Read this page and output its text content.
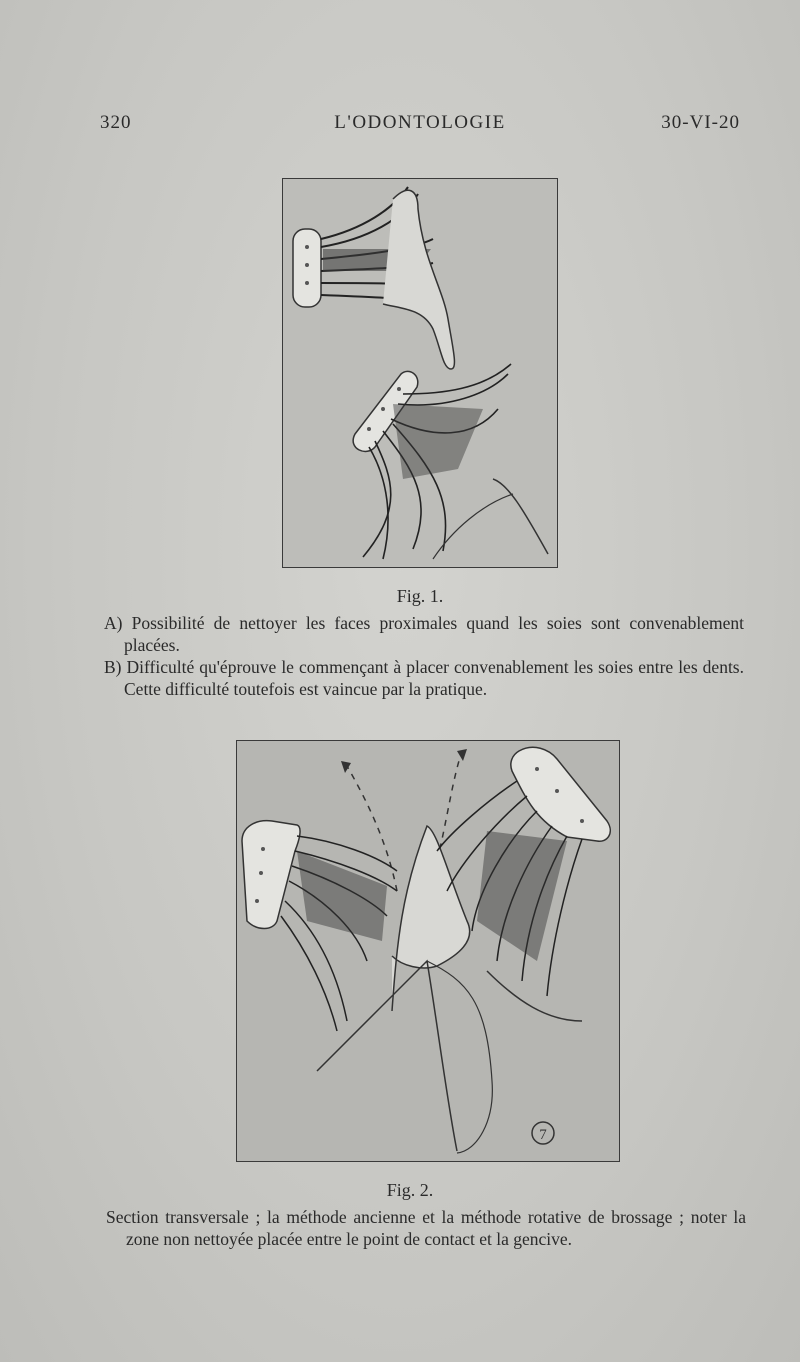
320	L'ODONTOLOGIE	30-VI-20
Fig. 1.

A) Possibilité de nettoyer les faces proximales quand les soies sont convenablement placées.

B) Difficulté qu'éprouve le commençant à placer convenablement les soies entre les dents. Cette difficulté toutefois est vaincue par la pratique.

7
Fig. 2.
Section transversale ; la méthode ancienne et la méthode rotative de brossage ; noter la zone non nettoyée placée entre le point de contact et la gencive.
